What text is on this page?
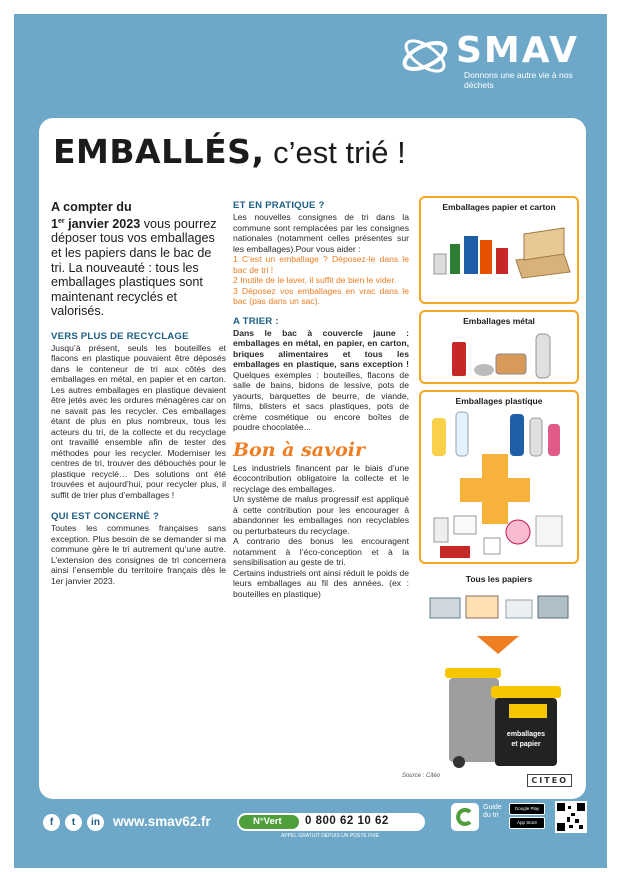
SMAV
Donnons une autre vie à nos déchets
EMBALLÉS, c’est trié !
A compter du
1er janvier 2023 vous pourrez déposer tous vos emballages et les papiers dans le bac de tri. La nouveauté : tous les emballages plastiques sont maintenant recyclés et valorisés.
VERS PLUS DE RECYCLAGE
Jusqu’à présent, seuls les bouteilles et flacons en plastique pouvaient être déposés dans le conteneur de tri aux côtés des emballages en métal, en papier et en carton. Les autres emballages en plastique devaient être jetés avec les ordures ménagères car on ne savait pas les recycler. Ces emballages étant de plus en plus nombreux, tous les acteurs du tri, de la collecte et du recyclage ont travaillé ensemble afin de tester des méthodes pour les recycler. Moderniser les centres de tri, trouver des débouchés pour le plastique recyclé… Des solutions ont été trouvées et aujourd’hui, pour recycler plus, il suffit de trier plus d’emballages !
QUI EST CONCERNÉ ?
Toutes les communes françaises sans exception. Plus besoin de se demander si ma commune gère le tri autrement qu’une autre. L’extension des consignes de tri concernera ainsi l’ensemble du territoire français dès le 1er janvier 2023.
ET EN PRATIQUE ?
Les nouvelles consignes de tri dans la commune sont remplacées par les consignes nationales (notamment celles présentes sur les emballages).Pour vous aider :
1 C’est un emballage ? Déposez-le dans le bac de tri !
2 Inutile de le laver, il suffit de bien le vider.
3 Déposez vos emballages en vrac dans le bac (pas dans un sac).
A TRIER :
Dans le bac à couvercle jaune : emballages en métal, en papier, en carton, briques alimentaires et tous les emballages en plastique, sans exception ! Quelques exemples : bouteilles, flacons de salle de bains, bidons de lessive, pots de yaourts, barquettes de beurre, de viande, films, blisters et sacs plastiques, pots de crème cosmétique ou encore boîtes de poudre chocolatée...
Bon à savoir
Les industriels financent par le biais d’une écocontribution obligatoire la collecte et le recyclage des emballages.
Un système de malus progressif est appliqué à cette contribution pour les encourager à abandonner les emballages non recyclables ou perturbateurs du recyclage.
A contrario des bonus les encouragent notamment à l’éco-conception et à la sensibilisation au geste de tri.
Certains industriels ont ainsi réduit le poids de leurs emballages au fil des années. (ex : bouteilles en plastique)
Emballages papier et carton
Emballages métal
Emballages plastique
Tous les papiers
emballages
et papier
Source : Citéo	CITEO
f	t	in www.smav62.fr	N°Vert	0 800 62 10 62
APPEL GRATUIT DEPUIS UN POSTE FIXE
Guide du tri
Google Play
App Store
